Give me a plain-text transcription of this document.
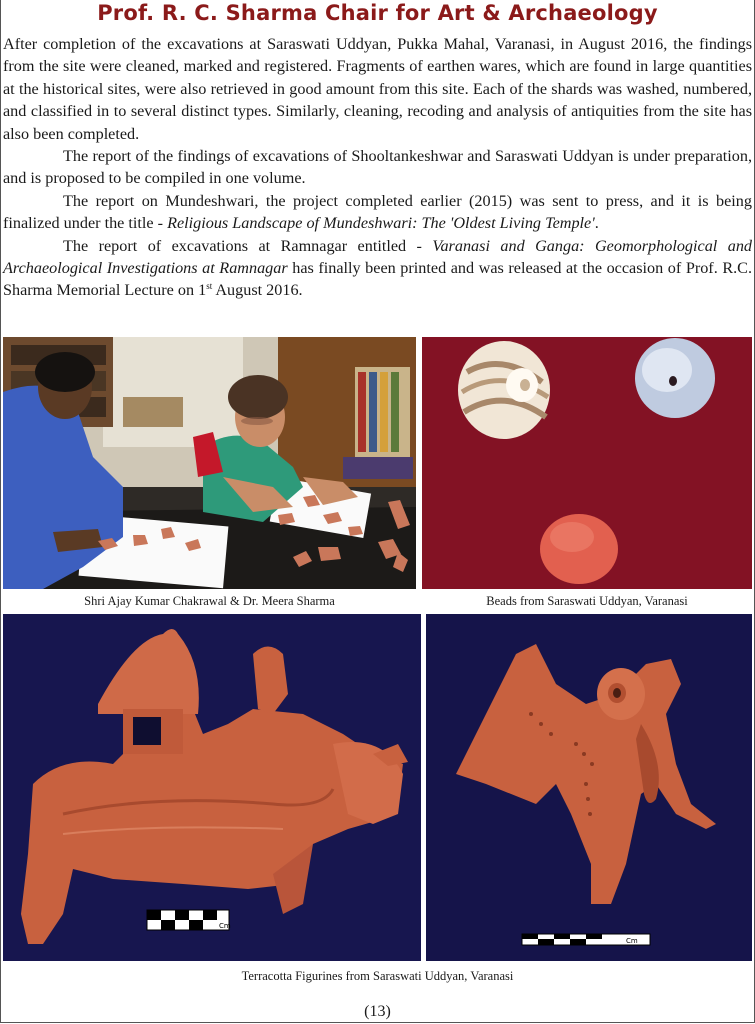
Prof. R. C. Sharma Chair for Art & Archaeology

After completion of the excavations at Saraswati Uddyan, Pukka Mahal, Varanasi, in August 2016, the findings from the site were cleaned, marked and registered. Fragments of earthen wares, which are found in large quantities at the historical sites, were also retrieved in good amount from this site. Each of the shards was washed, numbered, and classified in to several distinct types. Similarly, cleaning, recoding and analysis of antiquities from the site has also been completed.

The report of the findings of excavations of Shooltankeshwar and Saraswati Uddyan is under preparation, and is proposed to be compiled in one volume.

The report on Mundeshwari, the project completed earlier (2015) was sent to press, and it is being finalized under the title - Religious Landscape of Mundeshwari: The 'Oldest Living Temple'.

The report of excavations at Ramnagar entitled - Varanasi and Ganga: Geomorphological and Archaeological Investigations at Ramnagar has finally been printed and was released at the occasion of Prof. R.C. Sharma Memorial Lecture on 1st August 2016.

Cm
Cm
Shri Ajay Kumar Chakrawal & Dr. Meera Sharma	Beads from Saraswati Uddyan, Varanasi
Terracotta Figurines from Saraswati Uddyan, Varanasi
(13)
